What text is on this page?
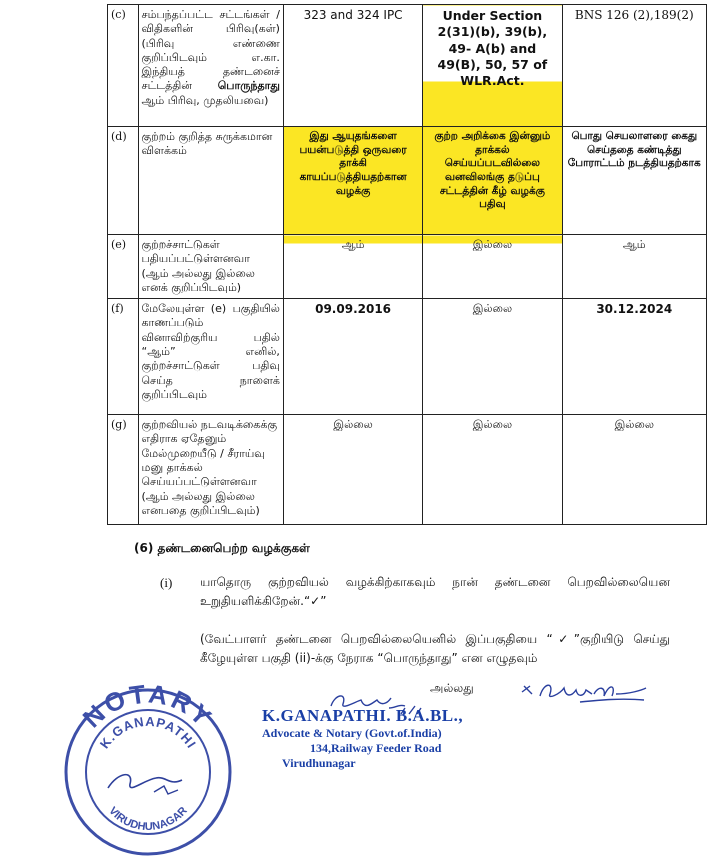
(c)	சம்பந்தப்பட்ட சட்டங்கள் / விதிகளின் பிரிவு(கள்) (பிரிவு எண்ணை குறிப்பிடவும் எ.கா. இந்தியத் தண்டனைச் சட்டத்தின் பொருந்தாது ஆம் பிரிவு, முதலியவை)	323 and 324 IPC	Under Section 2(31)(b), 39(b), 49- A(b) and 49(B), 50, 57 of WLR.Act.	BNS 126 (2),189(2)
(d)	குற்றம் குறித்த சுருக்கமான விளக்கம்	இது ஆயுதங்களை பயன்படுத்தி ஒருவரை தாக்கி காயப்படுத்தியதற்கான வழக்கு	குற்ற அறிக்கை இன்னும் தாக்கல் செய்யப்படவில்லை வனவிலங்கு தடுப்பு சட்டத்தின் கீழ் வழக்கு பதிவு	பொது செயலாளரை கைது செய்ததை கண்டித்து போராட்டம் நடத்தியதற்காக
(e)	குற்றச்சாட்டுகள் பதியப்பட்டுள்ளனவா (ஆம் அல்லது இல்லை எனக் குறிப்பிடவும்)	ஆம்	இல்லை	ஆம்
(f)	மேலேயுள்ள (e) பகுதியில் காணப்படும் வினாவிற்குரிய பதில் “ஆம்” எனில், குற்றச்சாட்டுகள் பதிவு செய்த நாளைக் குறிப்பிடவும்	09.09.2016	இல்லை	30.12.2024
(g)	குற்றவியல் நடவடிக்கைக்கு எதிராக ஏதேனும் மேல்முறையீடு / சீராய்வு மனு தாக்கல் செய்யப்பட்டுள்ளனவா (ஆம் அல்லது இல்லை எனபதை குறிப்பிடவும்)	இல்லை	இல்லை	இல்லை
(6) தண்டனைபெற்ற வழக்குகள்
(i) யாதொரு குற்றவியல் வழக்கிற்காகவும் நான் தண்டனை பெறவில்லையென உறுதியளிக்கிறேன்.“✓”
(வேட்பாளர் தண்டனை பெறவில்லையெனில் இப்பகுதியை “✓”குறியிடு செய்து கீழேயுள்ள பகுதி (ii)-க்கு நேராக “பொருந்தாது” என எழுதவும்
அல்லது
NOTARY
K.GANAPATHI
VIRUDHUNAGAR
K.GANAPATHI. B.A.BL.,
Advocate & Notary (Govt.of.India)
134,Railway Feeder Road
Virudhunagar
